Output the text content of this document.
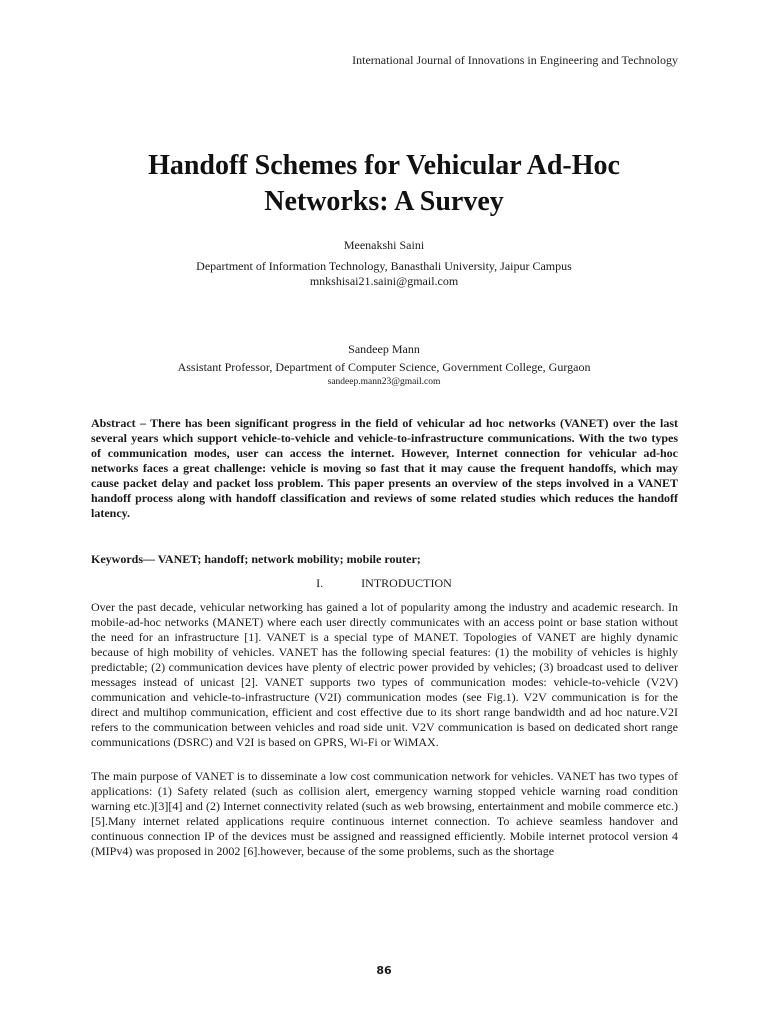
International Journal of Innovations in Engineering and Technology
Handoff Schemes for Vehicular Ad-Hoc
Networks: A Survey
Meenakshi Saini
Department of Information Technology, Banasthali University, Jaipur Campus
mnkshisai21.saini@gmail.com
Sandeep Mann
Assistant Professor, Department of Computer Science, Government College, Gurgaon
sandeep.mann23@gmail.com
Abstract – There has been significant progress in the field of vehicular ad hoc networks (VANET) over the last several years which support vehicle-to-vehicle and vehicle-to-infrastructure communications. With the two types of communication modes, user can access the internet. However, Internet connection for vehicular ad-hoc networks faces a great challenge: vehicle is moving so fast that it may cause the frequent handoffs, which may cause packet delay and packet loss problem. This paper presents an overview of the steps involved in a VANET handoff process along with handoff classification and reviews of some related studies which reduces the handoff latency.
Keywords— VANET; handoff; network mobility; mobile router;
I.	INTRODUCTION
Over the past decade, vehicular networking has gained a lot of popularity among the industry and academic research. In mobile-ad-hoc networks (MANET) where each user directly communicates with an access point or base station without the need for an infrastructure [1]. VANET is a special type of MANET. Topologies of VANET are highly dynamic because of high mobility of vehicles. VANET has the following special features: (1) the mobility of vehicles is highly predictable; (2) communication devices have plenty of electric power provided by vehicles; (3) broadcast used to deliver messages instead of unicast [2]. VANET supports two types of communication modes: vehicle-to-vehicle (V2V) communication and vehicle-to-infrastructure (V2I) communication modes (see Fig.1). V2V communication is for the direct and multihop communication, efficient and cost effective due to its short range bandwidth and ad hoc nature.V2I refers to the communication between vehicles and road side unit. V2V communication is based on dedicated short range communications (DSRC) and V2I is based on GPRS, Wi-Fi or WiMAX.
The main purpose of VANET is to disseminate a low cost communication network for vehicles. VANET has two types of applications: (1) Safety related (such as collision alert, emergency warning stopped vehicle warning road condition warning etc.)[3][4] and (2) Internet connectivity related (such as web browsing, entertainment and mobile commerce etc.)[5].Many internet related applications require continuous internet connection. To achieve seamless handover and continuous connection IP of the devices must be assigned and reassigned efficiently. Mobile internet protocol version 4 (MIPv4) was proposed in 2002 [6].however, because of the some problems, such as the shortage
86
